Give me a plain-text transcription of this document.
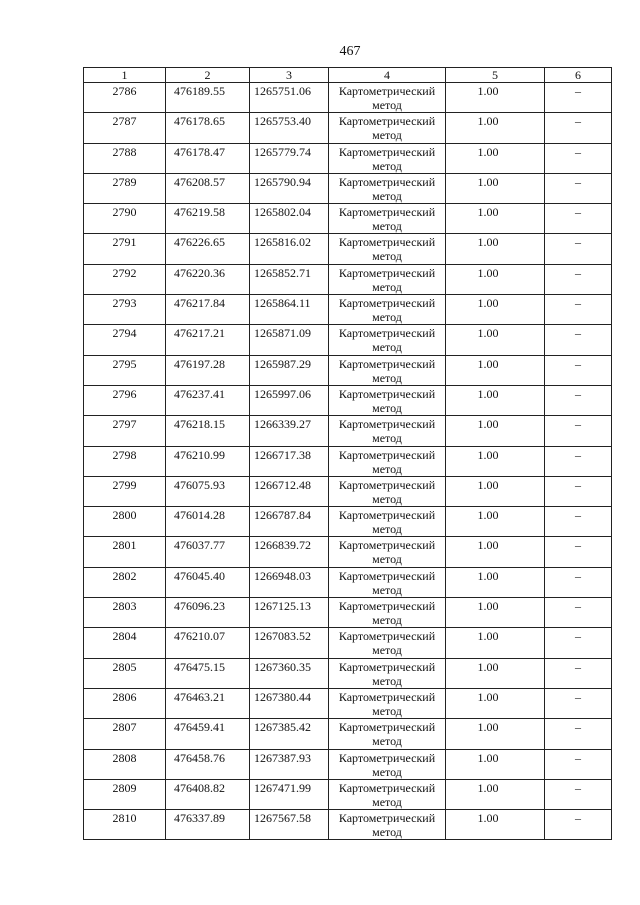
467
1	2	3	4	5	6
2786	476189.55	1265751.06	Картометрический метод	1.00	–
2787	476178.65	1265753.40	Картометрический метод	1.00	–
2788	476178.47	1265779.74	Картометрический метод	1.00	–
2789	476208.57	1265790.94	Картометрический метод	1.00	–
2790	476219.58	1265802.04	Картометрический метод	1.00	–
2791	476226.65	1265816.02	Картометрический метод	1.00	–
2792	476220.36	1265852.71	Картометрический метод	1.00	–
2793	476217.84	1265864.11	Картометрический метод	1.00	–
2794	476217.21	1265871.09	Картометрический метод	1.00	–
2795	476197.28	1265987.29	Картометрический метод	1.00	–
2796	476237.41	1265997.06	Картометрический метод	1.00	–
2797	476218.15	1266339.27	Картометрический метод	1.00	–
2798	476210.99	1266717.38	Картометрический метод	1.00	–
2799	476075.93	1266712.48	Картометрический метод	1.00	–
2800	476014.28	1266787.84	Картометрический метод	1.00	–
2801	476037.77	1266839.72	Картометрический метод	1.00	–
2802	476045.40	1266948.03	Картометрический метод	1.00	–
2803	476096.23	1267125.13	Картометрический метод	1.00	–
2804	476210.07	1267083.52	Картометрический метод	1.00	–
2805	476475.15	1267360.35	Картометрический метод	1.00	–
2806	476463.21	1267380.44	Картометрический метод	1.00	–
2807	476459.41	1267385.42	Картометрический метод	1.00	–
2808	476458.76	1267387.93	Картометрический метод	1.00	–
2809	476408.82	1267471.99	Картометрический метод	1.00	–
2810	476337.89	1267567.58	Картометрический метод	1.00	–
